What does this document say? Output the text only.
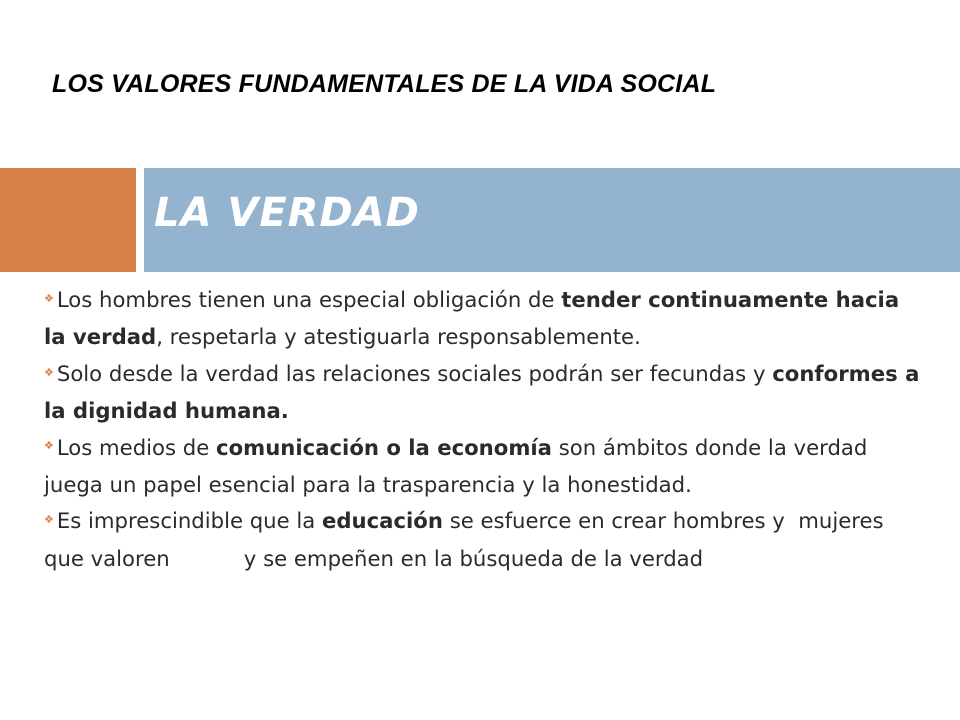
LOS VALORES FUNDAMENTALES DE LA VIDA SOCIAL
LA VERDAD

❖ Los hombres tienen una especial obligación de tender continuamente hacia la verdad, respetarla y atestiguarla responsablemente.

❖ Solo desde la verdad las relaciones sociales podrán ser fecundas y conformes a la dignidad humana.

❖ Los medios de comunicación o la economía son ámbitos donde la verdad juega un papel esencial para la trasparencia y la honestidad.

❖ Es imprescindible que la educación se esfuerce en crear hombres y  mujeres que valoren           y se empeñen en la búsqueda de la verdad
